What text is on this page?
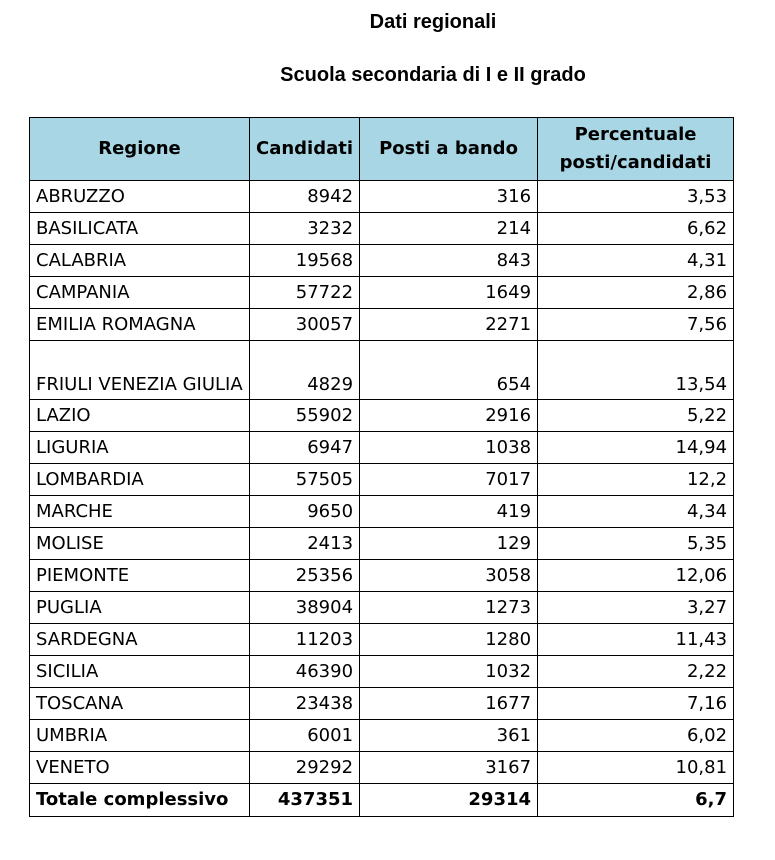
Dati regionali
Scuola secondaria di I e II grado
Regione	Candidati	Posti a bando	Percentuale posti/candidati
ABRUZZO	8942	316	3,53
BASILICATA	3232	214	6,62
CALABRIA	19568	843	4,31
CAMPANIA	57722	1649	2,86
EMILIA ROMAGNA	30057	2271	7,56
FRIULI VENEZIA GIULIA	4829	654	13,54
LAZIO	55902	2916	5,22
LIGURIA	6947	1038	14,94
LOMBARDIA	57505	7017	12,2
MARCHE	9650	419	4,34
MOLISE	2413	129	5,35
PIEMONTE	25356	3058	12,06
PUGLIA	38904	1273	3,27
SARDEGNA	11203	1280	11,43
SICILIA	46390	1032	2,22
TOSCANA	23438	1677	7,16
UMBRIA	6001	361	6,02
VENETO	29292	3167	10,81
Totale complessivo	437351	29314	6,7
